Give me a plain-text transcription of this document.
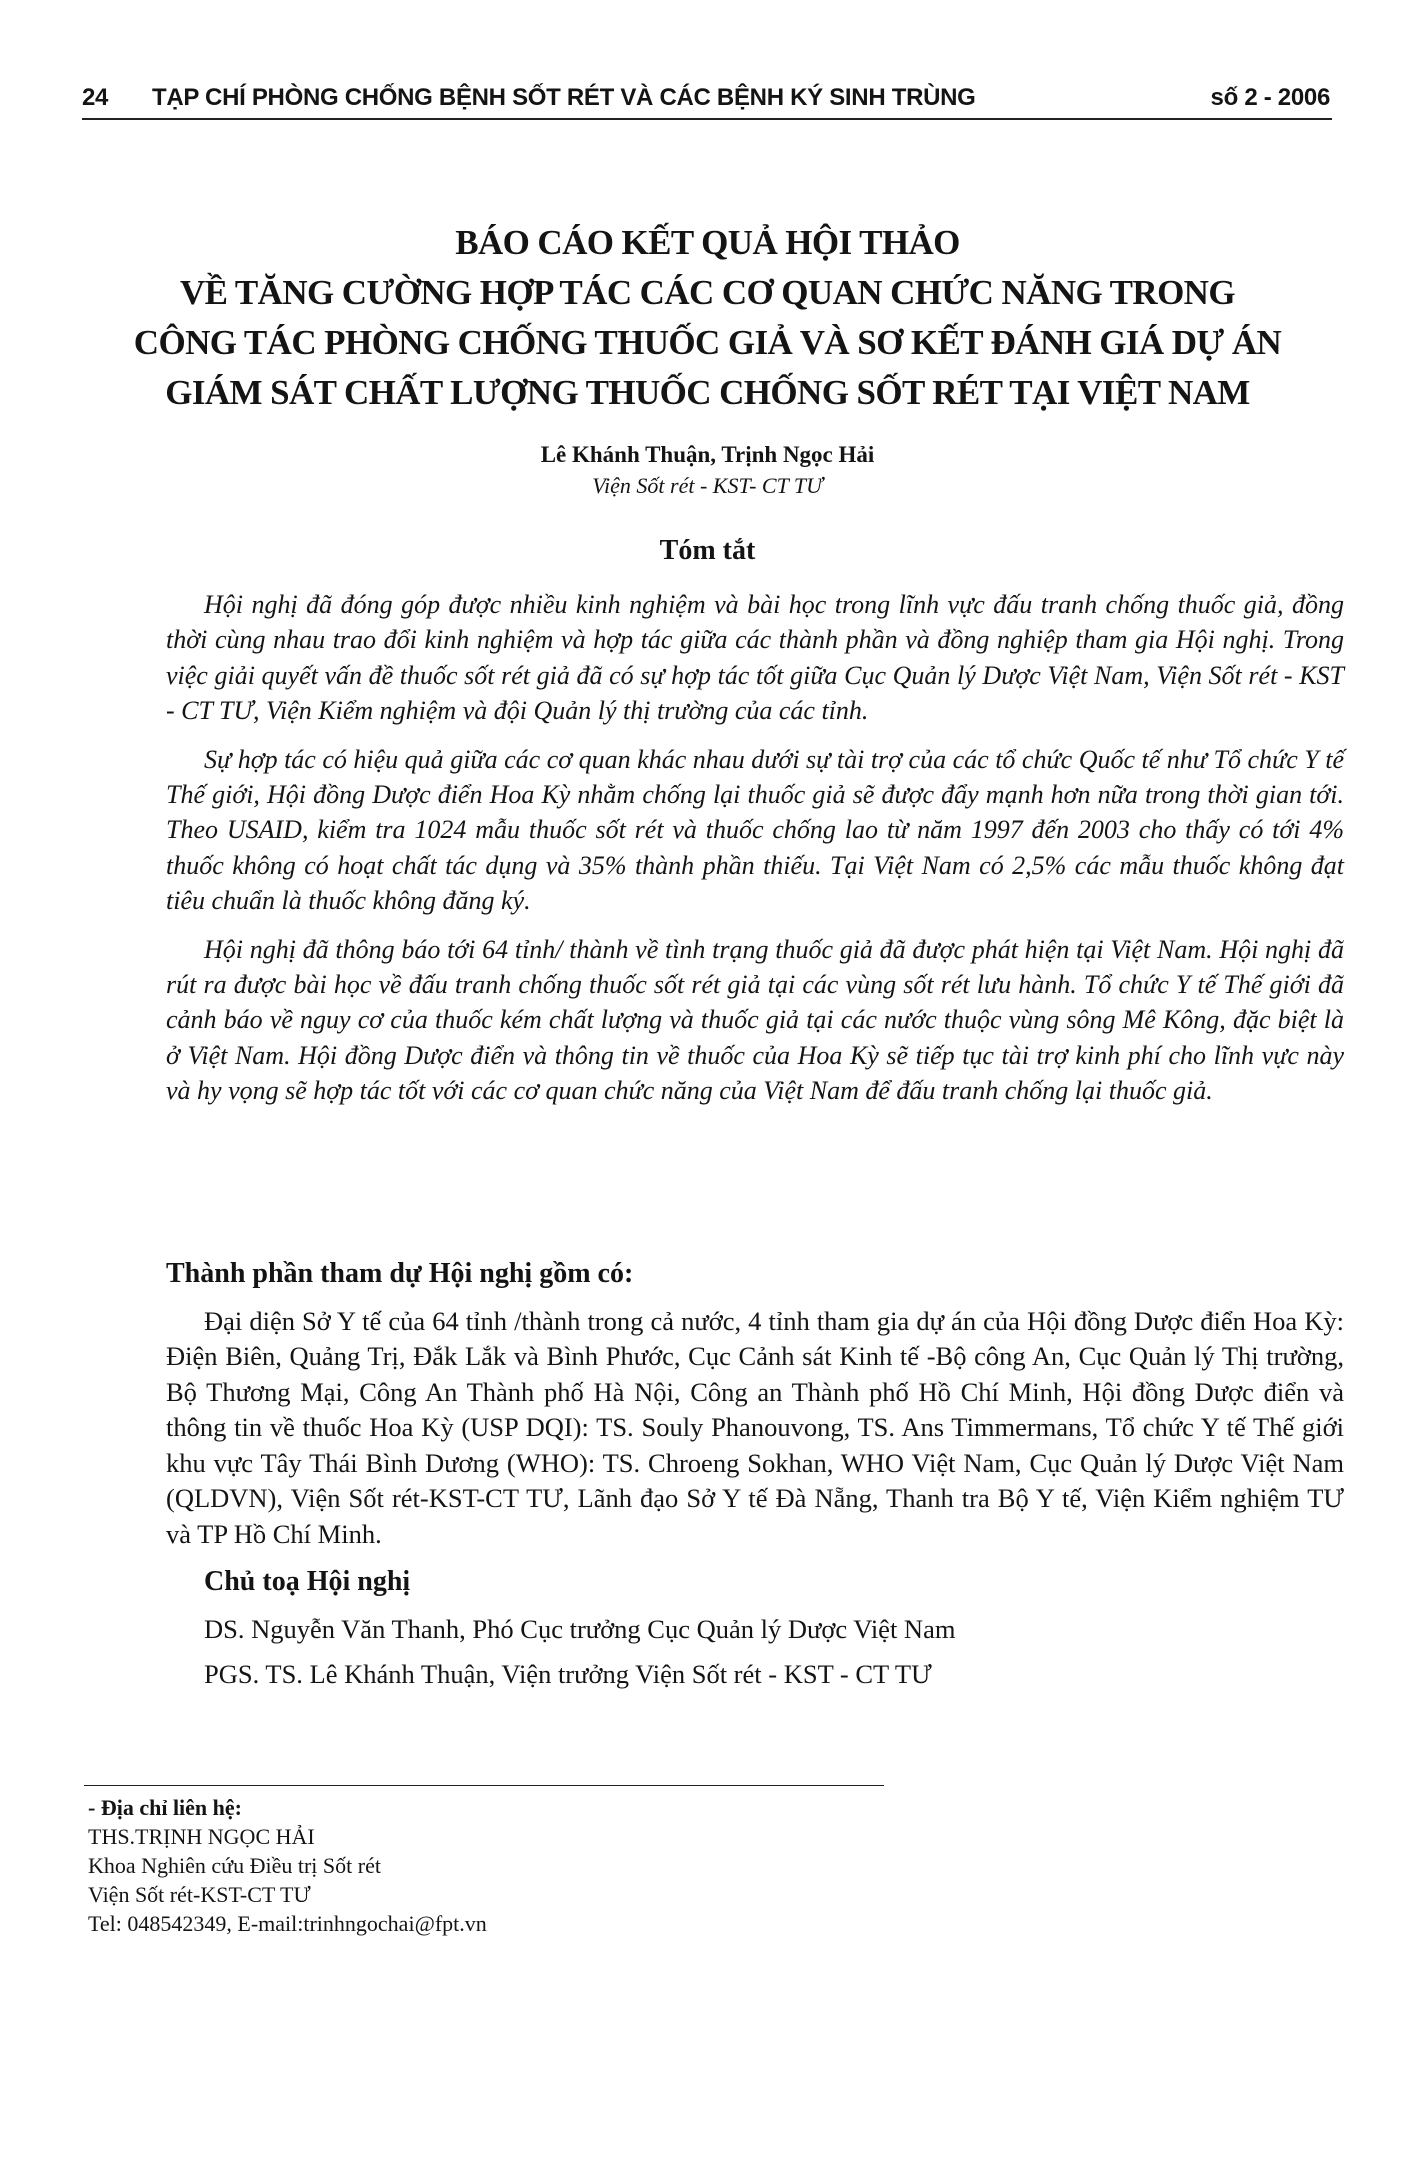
24 TẠP CHÍ PHÒNG CHỐNG BỆNH SỐT RÉT VÀ CÁC BỆNH KÝ SINH TRÙNG	số 2 - 2006
BÁO CÁO KẾT QUẢ HỘI THẢO
VỀ TĂNG CƯỜNG HỢP TÁC CÁC CƠ QUAN CHỨC NĂNG TRONG
CÔNG TÁC PHÒNG CHỐNG THUỐC GIẢ VÀ SƠ KẾT ĐÁNH GIÁ DỰ ÁN
GIÁM SÁT CHẤT LƯỢNG THUỐC CHỐNG SỐT RÉT TẠI VIỆT NAM
Lê Khánh Thuận, Trịnh Ngọc Hải
Viện Sốt rét - KST- CT TƯ
Tóm tắt

Hội nghị đã đóng góp được nhiều kinh nghiệm và bài học trong lĩnh vực đấu tranh chống thuốc giả, đồng thời cùng nhau trao đổi kinh nghiệm và hợp tác giữa các thành phần và đồng nghiệp tham gia Hội nghị. Trong việc giải quyết vấn đề thuốc sốt rét giả đã có sự hợp tác tốt giữa Cục Quản lý Dược Việt Nam, Viện Sốt rét - KST - CT TƯ, Viện Kiểm nghiệm và đội Quản lý thị trường của các tỉnh.

Sự hợp tác có hiệu quả giữa các cơ quan khác nhau dưới sự tài trợ của các tổ chức Quốc tế như Tổ chức Y tế Thế giới, Hội đồng Dược điển Hoa Kỳ nhằm chống lại thuốc giả sẽ được đẩy mạnh hơn nữa trong thời gian tới. Theo USAID, kiểm tra 1024 mẫu thuốc sốt rét và thuốc chống lao từ năm 1997 đến 2003 cho thấy có tới 4% thuốc không có hoạt chất tác dụng và 35% thành phần thiếu. Tại Việt Nam có 2,5% các mẫu thuốc không đạt tiêu chuẩn là thuốc không đăng ký.

Hội nghị đã thông báo tới 64 tỉnh/ thành về tình trạng thuốc giả đã được phát hiện tại Việt Nam. Hội nghị đã rút ra được bài học về đấu tranh chống thuốc sốt rét giả tại các vùng sốt rét lưu hành. Tổ chức Y tế Thế giới đã cảnh báo về nguy cơ của thuốc kém chất lượng và thuốc giả tại các nước thuộc vùng sông Mê Kông, đặc biệt là ở Việt Nam. Hội đồng Dược điển và thông tin về thuốc của Hoa Kỳ sẽ tiếp tục tài trợ kinh phí cho lĩnh vực này và hy vọng sẽ hợp tác tốt với các cơ quan chức năng của Việt Nam để đấu tranh chống lại thuốc giả.

Thành phần tham dự Hội nghị gồm có:
Đại diện Sở Y tế của 64 tỉnh /thành trong cả nước, 4 tỉnh tham gia dự án của Hội đồng Dược điển Hoa Kỳ: Điện Biên, Quảng Trị, Đắk Lắk và Bình Phước, Cục Cảnh sát Kinh tế -Bộ công An, Cục Quản lý Thị trường, Bộ Thương Mại, Công An Thành phố Hà Nội, Công an Thành phố Hồ Chí Minh, Hội đồng Dược điển và thông tin về thuốc Hoa Kỳ (USP DQI): TS. Souly Phanouvong, TS. Ans Timmermans, Tổ chức Y tế Thế giới khu vực Tây Thái Bình Dương (WHO): TS. Chroeng Sokhan, WHO Việt Nam, Cục Quản lý Dược Việt Nam (QLDVN), Viện Sốt rét-KST-CT TƯ, Lãnh đạo Sở Y tế Đà Nẵng, Thanh tra Bộ Y tế, Viện Kiểm nghiệm TƯ và TP Hồ Chí Minh.
Chủ toạ Hội nghị
DS. Nguyễn Văn Thanh, Phó Cục trưởng Cục Quản lý Dược Việt Nam
PGS. TS. Lê Khánh Thuận, Viện trưởng Viện Sốt rét - KST - CT TƯ
- Địa chỉ liên hệ:
THS.TRỊNH NGỌC HẢI
Khoa Nghiên cứu Điều trị Sốt rét
Viện Sốt rét-KST-CT TƯ
Tel: 048542349, E-mail:trinhngochai@fpt.vn
